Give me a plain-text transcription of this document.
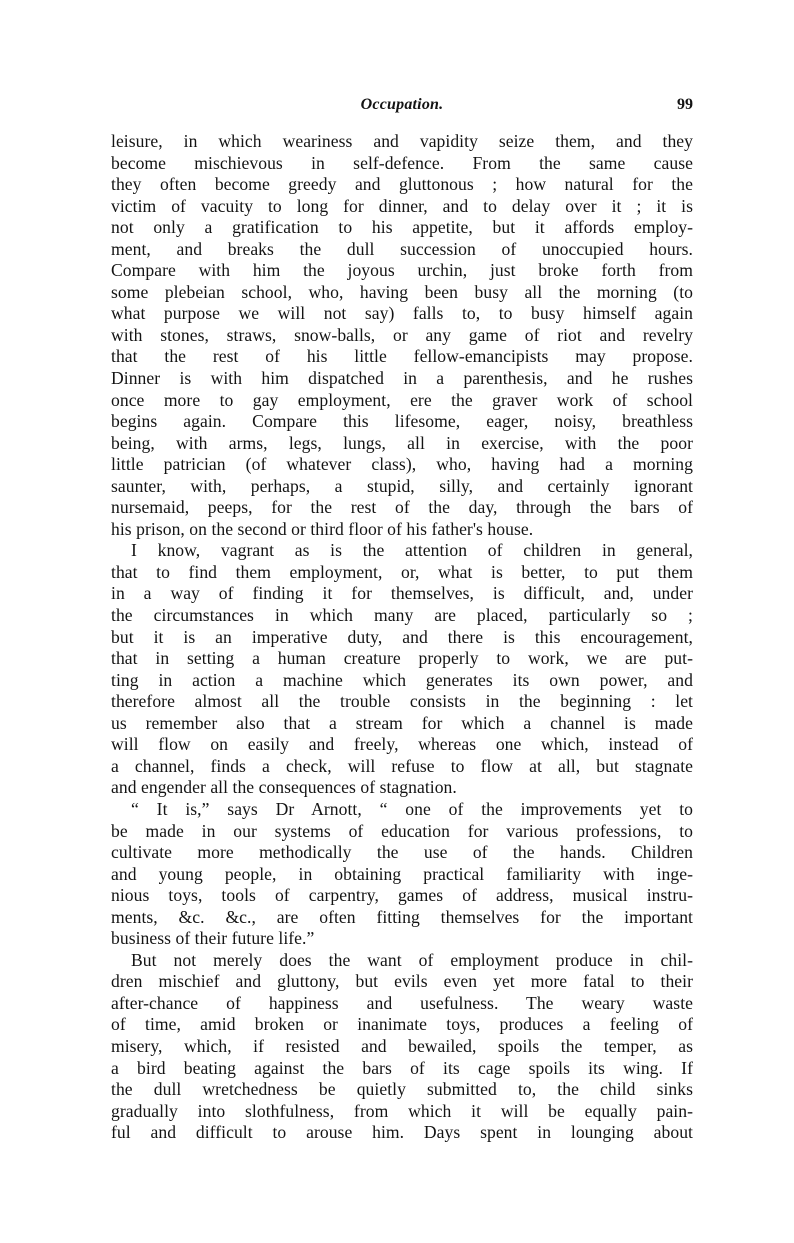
Occupation.	99
leisure, in which weariness and vapidity seize them, and they
become mischievous in self-defence. From the same cause
they often become greedy and gluttonous ; how natural for the
victim of vacuity to long for dinner, and to delay over it ; it is
not only a gratification to his appetite, but it affords employ-
ment, and breaks the dull succession of unoccupied hours.
Compare with him the joyous urchin, just broke forth from
some plebeian school, who, having been busy all the morning (to
what purpose we will not say) falls to, to busy himself again
with stones, straws, snow-balls, or any game of riot and revelry
that the rest of his little fellow-emancipists may propose.
Dinner is with him dispatched in a parenthesis, and he rushes
once more to gay employment, ere the graver work of school
begins again. Compare this lifesome, eager, noisy, breathless
being, with arms, legs, lungs, all in exercise, with the poor
little patrician (of whatever class), who, having had a morning
saunter, with, perhaps, a stupid, silly, and certainly ignorant
nursemaid, peeps, for the rest of the day, through the bars of
his prison, on the second or third floor of his father's house.
I know, vagrant as is the attention of children in general,
that to find them employment, or, what is better, to put them
in a way of finding it for themselves, is difficult, and, under
the circumstances in which many are placed, particularly so ;
but it is an imperative duty, and there is this encouragement,
that in setting a human creature properly to work, we are put-
ting in action a machine which generates its own power, and
therefore almost all the trouble consists in the beginning : let
us remember also that a stream for which a channel is made
will flow on easily and freely, whereas one which, instead of
a channel, finds a check, will refuse to flow at all, but stagnate
and engender all the consequences of stagnation.
“ It is,” says Dr Arnott, “ one of the improvements yet to
be made in our systems of education for various professions, to
cultivate more methodically the use of the hands. Children
and young people, in obtaining practical familiarity with inge-
nious toys, tools of carpentry, games of address, musical instru-
ments, &c. &c., are often fitting themselves for the important
business of their future life.”
But not merely does the want of employment produce in chil-
dren mischief and gluttony, but evils even yet more fatal to their
after-chance of happiness and usefulness. The weary waste
of time, amid broken or inanimate toys, produces a feeling of
misery, which, if resisted and bewailed, spoils the temper, as
a bird beating against the bars of its cage spoils its wing. If
the dull wretchedness be quietly submitted to, the child sinks
gradually into slothfulness, from which it will be equally pain-
ful and difficult to arouse him. Days spent in lounging about
